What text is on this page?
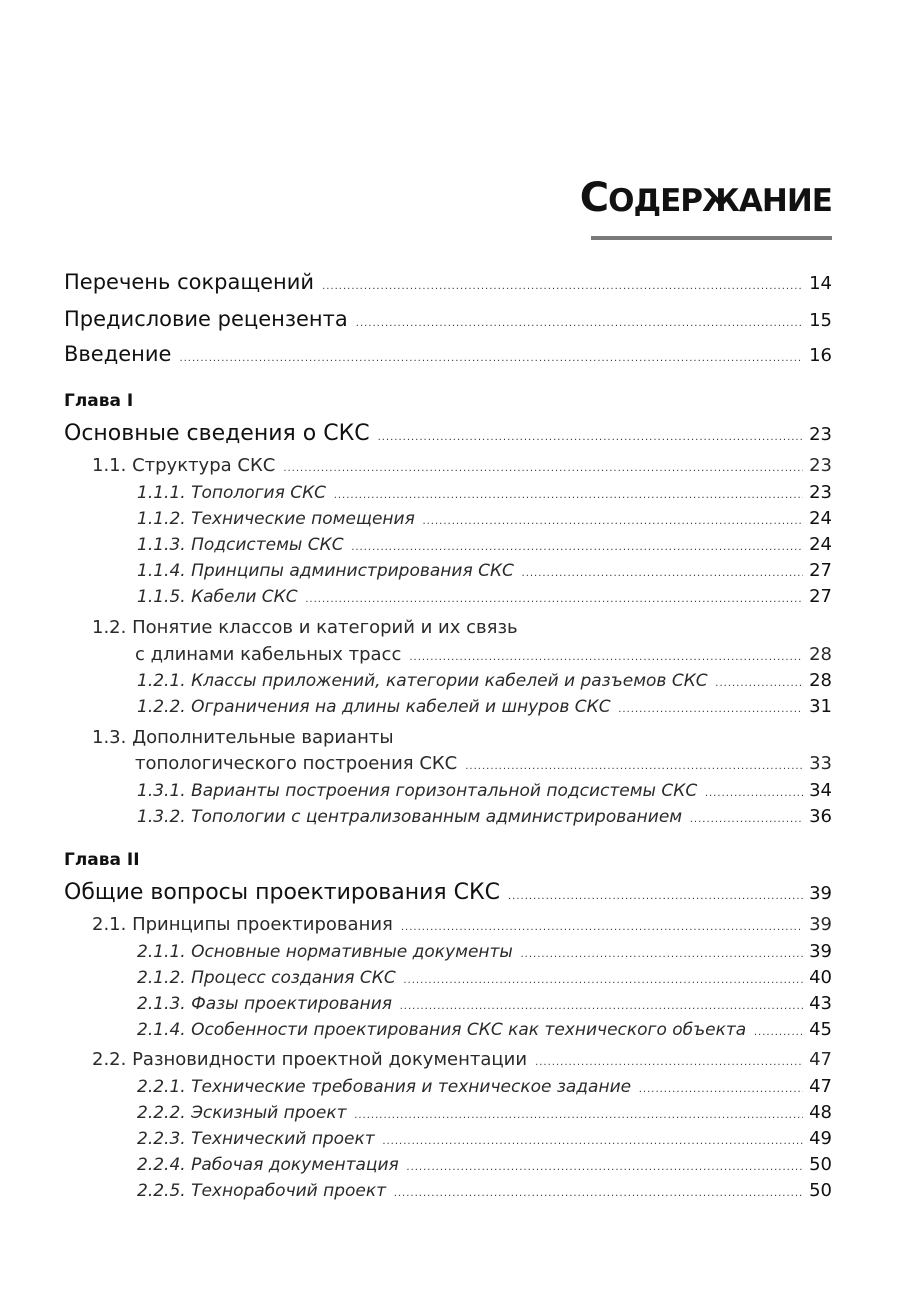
СОДЕРЖАНИЕ
Перечень сокращений .....	14
Предисловие рецензента .....	15
Введение .....	16
Глава I
Основные сведения о СКС .....	23
1.1. Структура СКС .....	23
1.1.1. Топология СКС .....	23
1.1.2. Технические помещения .....	24
1.1.3. Подсистемы СКС .....	24
1.1.4. Принципы администрирования СКС .....	27
1.1.5. Кабели СКС .....	27
1.2. Понятие классов и категорий и их связь
с длинами кабельных трасс .....	28
1.2.1. Классы приложений, категории кабелей и разъемов СКС .....	28
1.2.2. Ограничения на длины кабелей и шнуров СКС .....	31
1.3. Дополнительные варианты
топологического построения СКС .....	33
1.3.1. Варианты построения горизонтальной подсистемы СКС .....	34
1.3.2. Топологии с централизованным администрированием .....	36
Глава II
Общие вопросы проектирования СКС .....	39
2.1. Принципы проектирования .....	39
2.1.1. Основные нормативные документы .....	39
2.1.2. Процесс создания СКС .....	40
2.1.3. Фазы проектирования .....	43
2.1.4. Особенности проектирования СКС как технического объекта .....	45
2.2. Разновидности проектной документации .....	47
2.2.1. Технические требования и техническое задание .....	47
2.2.2. Эскизный проект .....	48
2.2.3. Технический проект .....	49
2.2.4. Рабочая документация .....	50
2.2.5. Технорабочий проект .....	50
